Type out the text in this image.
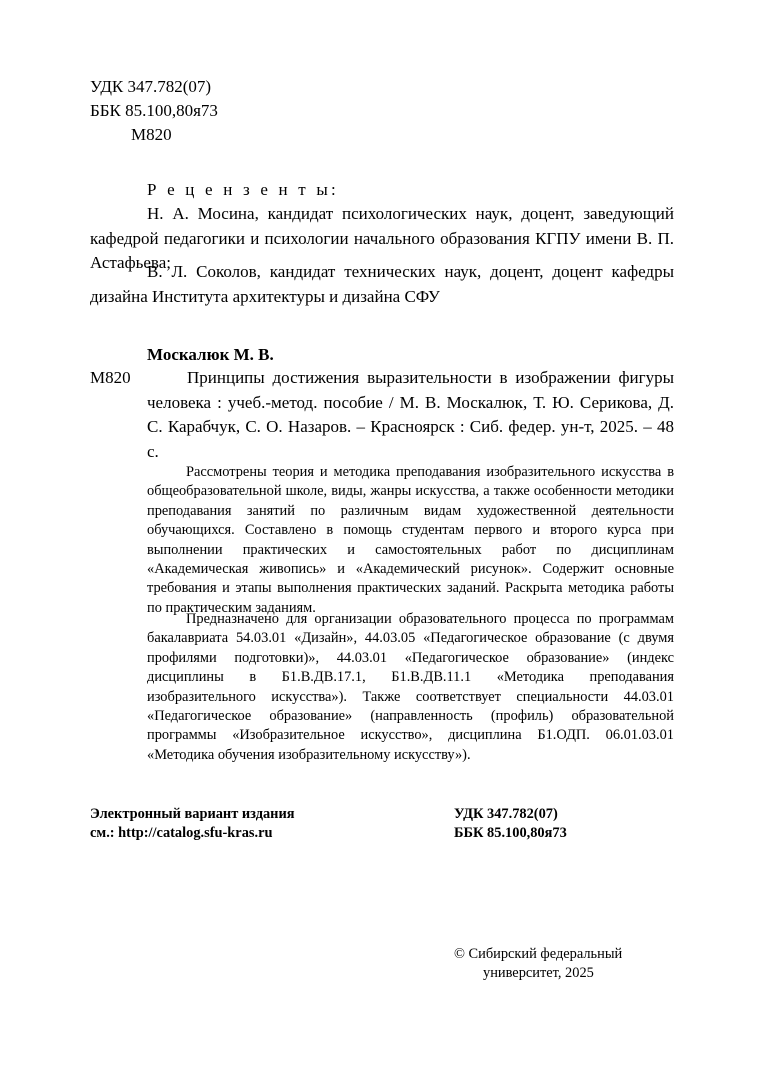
УДК 347.782(07)
ББК 85.100,80я73
М820
Р е ц е н з е н т ы:
Н. А. Мосина, кандидат психологических наук, доцент, заведующий кафедрой педагогики и психологии начального образования КГПУ имени В. П. Астафьева;
В. Л. Соколов, кандидат технических наук, доцент, доцент кафедры дизайна Института архитектуры и дизайна СФУ
Москалюк М. В.
М820	Принципы достижения выразительности в изображении фигуры человека : учеб.-метод. пособие / М. В. Москалюк, Т. Ю. Серикова, Д. С. Карабчук, С. О. Назаров. – Красноярск : Сиб. федер. ун-т, 2025. – 48 с.
Рассмотрены теория и методика преподавания изобразительного искусства в общеобразовательной школе, виды, жанры искусства, а также особенности методики преподавания занятий по различным видам художественной деятельности обучающихся. Составлено в помощь студентам первого и второго курса при выполнении практических и самостоятельных работ по дисциплинам «Академическая живопись» и «Академический рисунок». Содержит основные требования и этапы выполнения практических заданий. Раскрыта методика работы по практическим заданиям.
Предназначено для организации образовательного процесса по программам бакалавриата 54.03.01 «Дизайн», 44.03.05 «Педагогическое образование (с двумя профилями подготовки)», 44.03.01 «Педагогическое образование» (индекс дисциплины в Б1.В.ДВ.17.1, Б1.В.ДВ.11.1 «Методика преподавания изобразительного искусства»). Также соответствует специальности 44.03.01 «Педагогическое образование» (направленность (профиль) образовательной программы «Изобразительное искусство», дисциплина Б1.ОДП. 06.01.03.01 «Методика обучения изобразительному искусству»).
Электронный вариант издания
см.: http://catalog.sfu-kras.ru
УДК 347.782(07)
ББК 85.100,80я73
© Сибирский федеральный
университет, 2025
